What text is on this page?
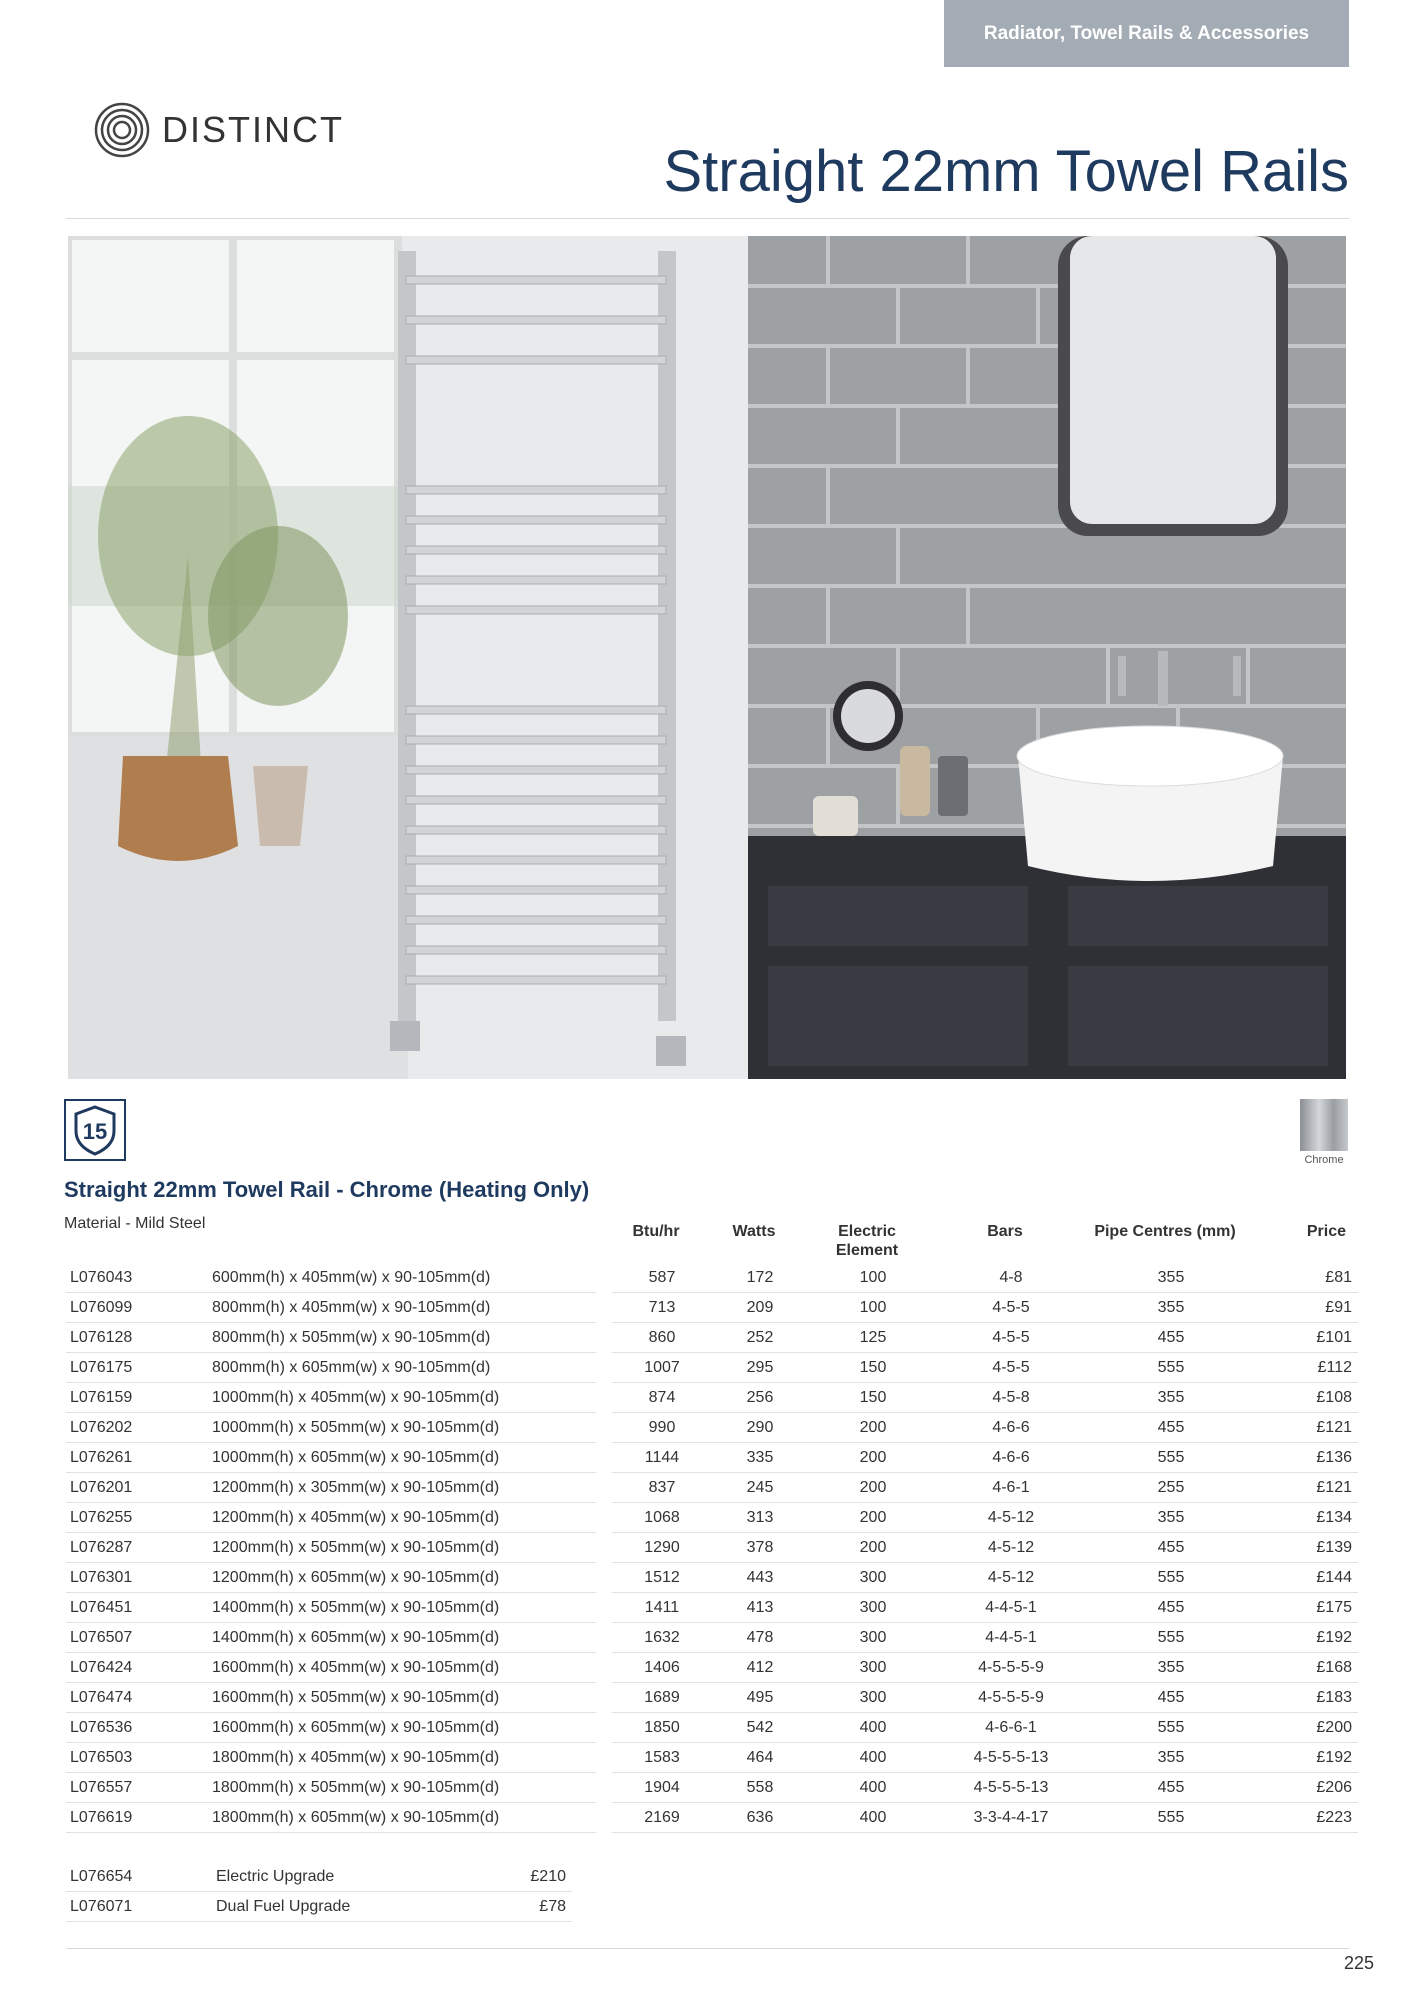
Radiator, Towel Rails & Accessories
DISTINCT
Straight 22mm Towel Rails
15
Chrome
Straight 22mm Towel Rail - Chrome (Heating Only)
Material - Mild Steel	Btu/hr	Watts	Electric
Element
Bars	Pipe Centres (mm)	Price
L076043	600mm(h) x 405mm(w) x 90-105mm(d)		587	172	100	4-8	355	£81
L076099	800mm(h) x 405mm(w) x 90-105mm(d)		713	209	100	4-5-5	355	£91
L076128	800mm(h) x 505mm(w) x 90-105mm(d)		860	252	125	4-5-5	455	£101
L076175	800mm(h) x 605mm(w) x 90-105mm(d)		1007	295	150	4-5-5	555	£112
L076159	1000mm(h) x 405mm(w) x 90-105mm(d)		874	256	150	4-5-8	355	£108
L076202	1000mm(h) x 505mm(w) x 90-105mm(d)		990	290	200	4-6-6	455	£121
L076261	1000mm(h) x 605mm(w) x 90-105mm(d)		1144	335	200	4-6-6	555	£136
L076201	1200mm(h) x 305mm(w) x 90-105mm(d)		837	245	200	4-6-1	255	£121
L076255	1200mm(h) x 405mm(w) x 90-105mm(d)		1068	313	200	4-5-12	355	£134
L076287	1200mm(h) x 505mm(w) x 90-105mm(d)		1290	378	200	4-5-12	455	£139
L076301	1200mm(h) x 605mm(w) x 90-105mm(d)		1512	443	300	4-5-12	555	£144
L076451	1400mm(h) x 505mm(w) x 90-105mm(d)		1411	413	300	4-4-5-1	455	£175
L076507	1400mm(h) x 605mm(w) x 90-105mm(d)		1632	478	300	4-4-5-1	555	£192
L076424	1600mm(h) x 405mm(w) x 90-105mm(d)		1406	412	300	4-5-5-5-9	355	£168
L076474	1600mm(h) x 505mm(w) x 90-105mm(d)		1689	495	300	4-5-5-5-9	455	£183
L076536	1600mm(h) x 605mm(w) x 90-105mm(d)		1850	542	400	4-6-6-1	555	£200
L076503	1800mm(h) x 405mm(w) x 90-105mm(d)		1583	464	400	4-5-5-5-13	355	£192
L076557	1800mm(h) x 505mm(w) x 90-105mm(d)		1904	558	400	4-5-5-5-13	455	£206
L076619	1800mm(h) x 605mm(w) x 90-105mm(d)		2169	636	400	3-3-4-4-17	555	£223
L076654	Electric Upgrade	£210
L076071	Dual Fuel Upgrade	£78
225
